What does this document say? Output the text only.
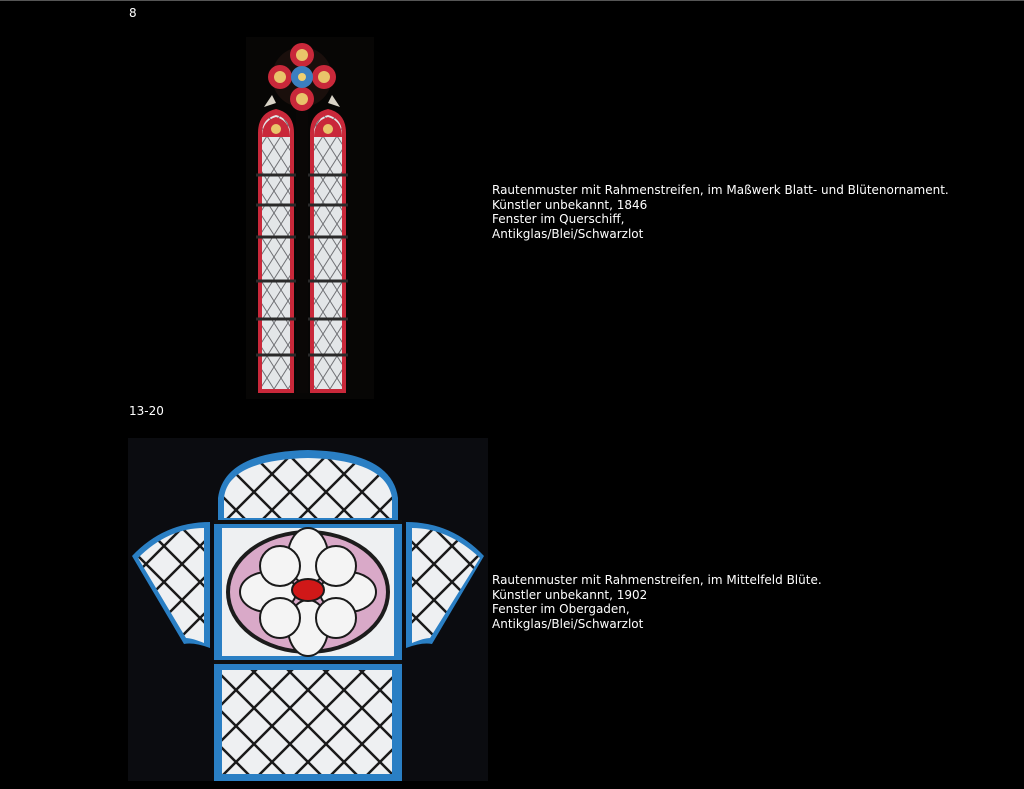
8
Rautenmuster mit Rahmenstreifen, im Maßwerk Blatt- und Blütenornament.
Künstler unbekannt, 1846
Fenster im Querschiff,
Antikglas/Blei/Schwarzlot
13-20
Rautenmuster mit Rahmenstreifen, im Mittelfeld Blüte.
Künstler unbekannt, 1902
Fenster im Obergaden,
Antikglas/Blei/Schwarzlot
